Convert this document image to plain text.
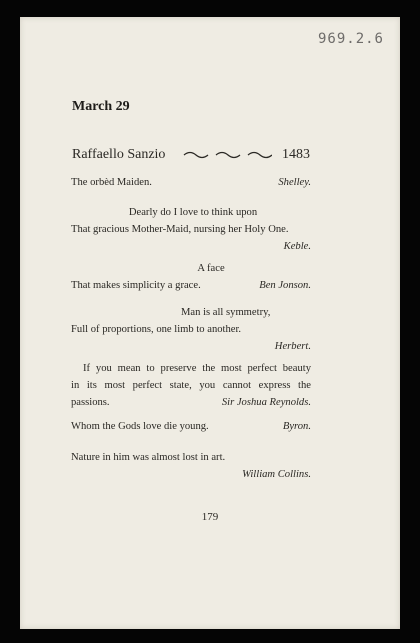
969.2.6
March 29
Raffaello Sanzio	1483
The orbèd Maiden.	Shelley.
Dearly do I love to think upon
That gracious Mother-Maid, nursing her Holy One.
Keble.
A face
That makes simplicity a grace.	Ben Jonson.
Man is all symmetry,
Full of proportions, one limb to another.
Herbert.
If you mean to preserve the most perfect beauty
in its most perfect state, you cannot express the
passions.	Sir Joshua Reynolds.
Whom the Gods love die young.	Byron.
Nature in him was almost lost in art.
William Collins.
179
